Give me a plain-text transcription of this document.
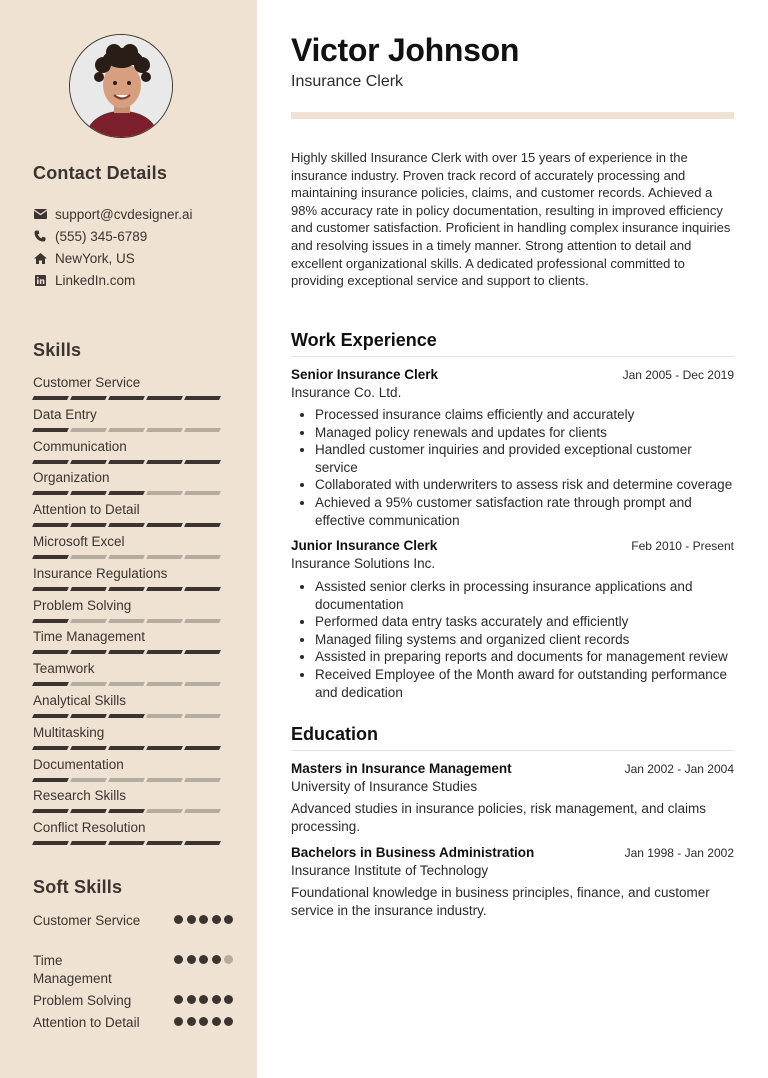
Contact Details
support@cvdesigner.ai
(555) 345-6789
NewYork, US
LinkedIn.com
Skills
Customer Service
Data Entry
Communication
Organization
Attention to Detail
Microsoft Excel
Insurance Regulations
Problem Solving
Time Management
Teamwork
Analytical Skills
Multitasking
Documentation
Research Skills
Conflict Resolution
Soft Skills
Customer Service
Time Management
Problem Solving
Attention to Detail
Victor Johnson
Insurance Clerk

Highly skilled Insurance Clerk with over 15 years of experience in the insurance industry. Proven track record of accurately processing and maintaining insurance policies, claims, and customer records. Achieved a 98% accuracy rate in policy documentation, resulting in improved efficiency and customer satisfaction. Proficient in handling complex insurance inquiries and resolving issues in a timely manner. Strong attention to detail and excellent organizational skills. A dedicated professional committed to providing exceptional service and support to clients.

Work Experience
Senior Insurance Clerk	Jan 2005 - Dec 2019
Insurance Co. Ltd.
• Processed insurance claims efficiently and accurately
• Managed policy renewals and updates for clients
• Handled customer inquiries and provided exceptional customer service
• Collaborated with underwriters to assess risk and determine coverage
• Achieved a 95% customer satisfaction rate through prompt and effective communication
Junior Insurance Clerk	Feb 2010 - Present
Insurance Solutions Inc.
• Assisted senior clerks in processing insurance applications and documentation
• Performed data entry tasks accurately and efficiently
• Managed filing systems and organized client records
• Assisted in preparing reports and documents for management review
• Received Employee of the Month award for outstanding performance and dedication
Education
Masters in Insurance Management	Jan 2002 - Jan 2004
University of Insurance Studies

Advanced studies in insurance policies, risk management, and claims processing.

Bachelors in Business Administration	Jan 1998 - Jan 2002
Insurance Institute of Technology

Foundational knowledge in business principles, finance, and customer service in the insurance industry.
